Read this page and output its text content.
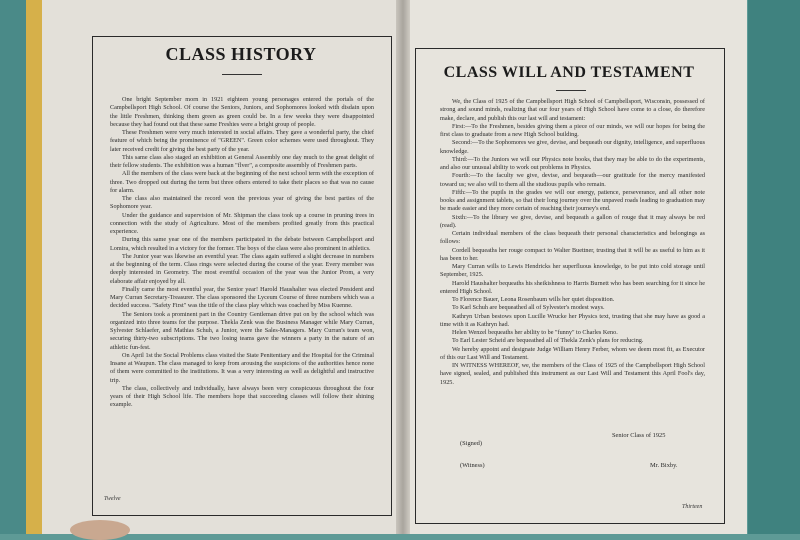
CLASS HISTORY

One bright September morn in 1921 eighteen young personages entered the portals of the Campbellsport High School. Of course the Seniors, Juniors, and Sophomores looked with disdain upon the little Freshmen, thinking them green as green could be. In a few weeks they were disappointed because they had found out that these same Freshies were a bright group of people.

These Freshmen were very much interested in social affairs. They gave a wonderful party, the chief feature of which being the prominence of "GREEN". Green color schemes were used throughout. They later received credit for giving the best party of the year.

This same class also staged an exhibition at General Assembly one day much to the great delight of their fellow students. The exhibition was a human "flver", a composite assembly of Freshmen parts.

All the members of the class were back at the beginning of the next school term with the exception of three. Two dropped out during the term but three others entered to take their places so that was no cause for alarm.

The class also maintained the record won the previous year of giving the best parties of the Sophomore year.

Under the guidance and supervision of Mr. Shipman the class took up a course in pruning trees in connection with the study of Agriculture. Most of the members profited greatly from this practical experience.

During this same year one of the members participated in the debate between Campbellsport and Lomira, which resulted in a victory for the former. The boys of the class were also prominent in athletics.

The Junior year was likewise an eventful year. The class again suffered a slight decrease in numbers at the beginning of the term. Class rings were selected during the course of the year. Every member was deeply interested in Geometry. The most eventful occasion of the year was the Junior Prom, a very elaborate affair enjoyed by all.

Finally came the most eventful year, the Senior year! Harold Haushalter was elected President and Mary Curran Secretary-Treasurer. The class sponsored the Lyceum Course of three numbers which was a decided success. "Safety First" was the title of the class play which was coached by Miss Kuenne.

The Seniors took a prominent part in the Country Gentleman drive put on by the school which was organized into three teams for the purpose. Thekla Zenk was the Business Manager while Mary Curran, Sylvester Schlaefer, and Mathias Schuh, a Junior, were the Sales-Managers. Mary Curran's team won, securing thirty-two subscriptions. The two losing teams gave the winners a party in the nature of an athletic fun-fest.

On April 1st the Social Problems class visited the State Penitentiary and the Hospital for the Criminal Insane at Waupun. The class managed to keep from arousing the suspicions of the authorities hence none of them were committed to the institutions. It was a very interesting as well as delightful and instructive trip.

The class, collectively and individually, have always been very conspicuous throughout the four years of their High School life. The members hope that succeeding classes will follow their shining example.

Twelve
CLASS WILL AND TESTAMENT

We, the Class of 1925 of the Campbellsport High School of Campbellsport, Wisconsin, possessed of strong and sound minds, realizing that our four years of High School have come to a close, do therefore make, declare, and publish this our last will and testament:

First:—To the Freshmen, besides giving them a piece of our minds, we will our hopes for being the first class to graduate from a new High School building.

Second:—To the Sophomores we give, devise, and bequeath our dignity, intelligence, and superfluous knowledge.

Third:—To the Juniors we will our Physics note books, that they may be able to do the experiments, and also our unusual ability to work out problems in Physics.

Fourth:—To the faculty we give, devise, and bequeath—our gratitude for the mercy manifested toward us; we also will to them all the studious pupils who remain.

Fifth:—To the pupils in the grades we will our energy, patience, perseverance, and all other note books and assignment tablets, so that their long journey over the unpaved roads leading to graduation may be made easier and they more certain of reaching their journey's end.

Sixth:—To the library we give, devise, and bequeath a gallon of rouge that it may always be red (read).

Certain individual members of the class bequeath their personal characteristics and belongings as follows:

Cordell bequeaths her rouge compact to Walter Buettner, trusting that it will be as useful to him as it has been to her.

Mary Curran wills to Lewis Hendricks her superfluous knowledge, to be put into cold storage until September, 1925.

Harold Haushalter bequeaths his sheikishness to Harris Burnett who has been searching for it since he entered High School.

To Florence Bauer, Leona Rosenbaum wills her quiet disposition.

To Karl Schuh are bequeathed all of Sylvester's modest ways.

Kathryn Urban bestows upon Lucille Wrucke her Physics text, trusting that she may have as good a time with it as Kathryn had.

Helen Wenzel bequeaths her ability to be "funny" to Charles Keno.

To Earl Lester Scheid are bequeathed all of Thekla Zenk's plans for reducing.

We hereby appoint and designate Judge William Henry Ferber, whom we deem most fit, as Executor of this our Last Will and Testament.

IN WITNESS WHEREOF, we, the members of the Class of 1925 of the Campbellsport High School have signed, sealed, and published this instrument as our Last Will and Testament this April Fool's day, 1925.

(Signed)
Senior Class of 1925
(Witness)	Mr. Bixby.
Thirteen
